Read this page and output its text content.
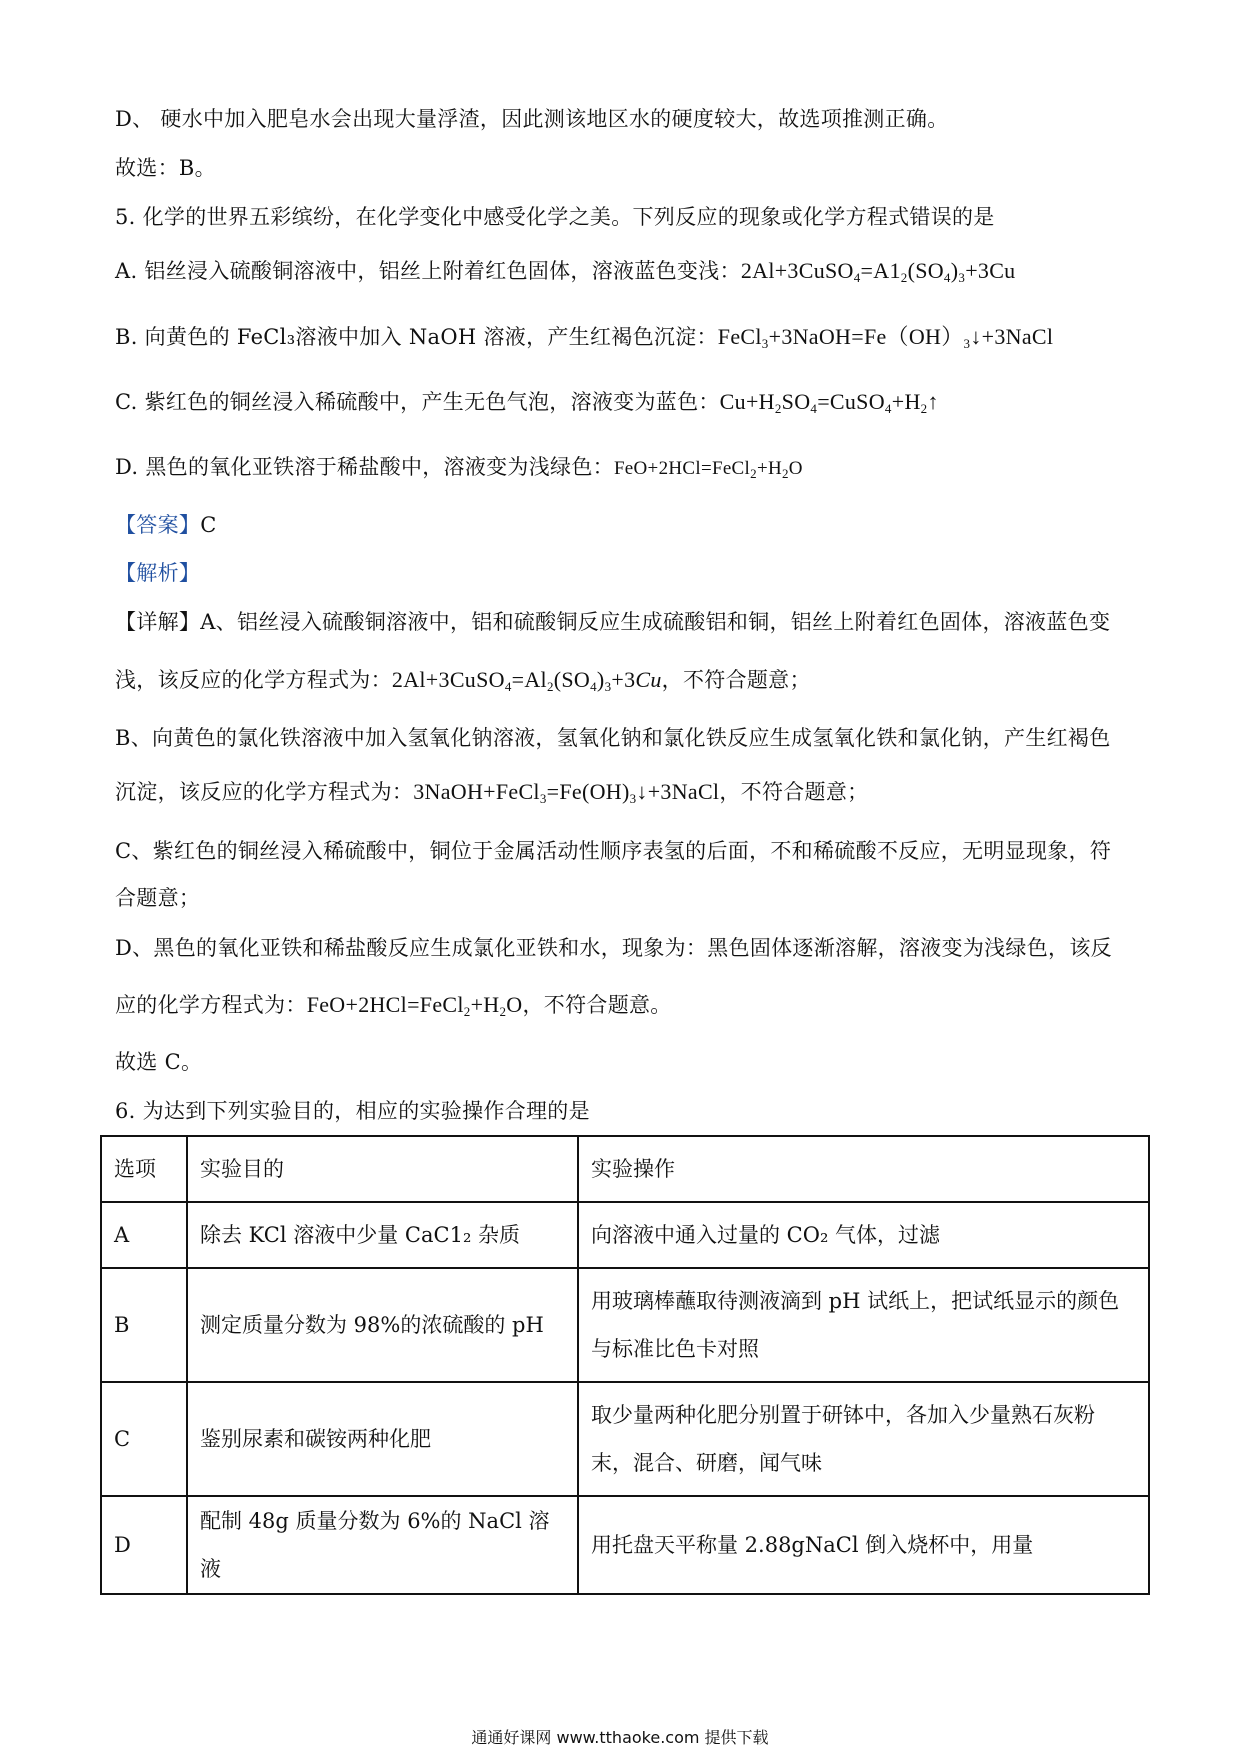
D、 硬水中加入肥皂水会出现大量浮渣，因此测该地区水的硬度较大，故选项推测正确。
故选：B。
5. 化学的世界五彩缤纷，在化学变化中感受化学之美。下列反应的现象或化学方程式错误的是
A. 铝丝浸入硫酸铜溶液中，铝丝上附着红色固体，溶液蓝色变浅：$2Al+3CuSO_4=A1_2(SO_4)_3+3Cu$
B. 向黄色的 FeCl₃溶液中加入 NaOH 溶液，产生红褐色沉淀：$FeCl_3+3NaOH=Fe(OH)_3↓+3NaCl$
C. 紫红色的铜丝浸入稀硫酸中，产生无色气泡，溶液变为蓝色：$Cu+H_2SO_4=CuSO_4+H_2↑$
D. 黑色的氧化亚铁溶于稀盐酸中，溶液变为浅绿色：$FeO+2HCl=FeCl_2+H_2O$
【答案】C
【解析】
【详解】A、铝丝浸入硫酸铜溶液中，铝和硫酸铜反应生成硫酸铝和铜，铝丝上附着红色固体，溶液蓝色变
浅，该反应的化学方程式为：$2Al+3CuSO_4=Al_2(SO_4)_3+3Cu$，不符合题意；
B、向黄色的氯化铁溶液中加入氢氧化钠溶液，氢氧化钠和氯化铁反应生成氢氧化铁和氯化钠，产生红褐色
沉淀，该反应的化学方程式为：$3NaOH+FeCl_3=Fe(OH)_3↓+3NaCl$，不符合题意；
C、紫红色的铜丝浸入稀硫酸中，铜位于金属活动性顺序表氢的后面，不和稀硫酸不反应，无明显现象，符
合题意；
D、黑色的氧化亚铁和稀盐酸反应生成氯化亚铁和水，现象为：黑色固体逐渐溶解，溶液变为浅绿色，该反
应的化学方程式为：$FeO+2HCl=FeCl_2+H_2O$，不符合题意。
故选 C。
6. 为达到下列实验目的，相应的实验操作合理的是
选项	实验目的	实验操作
A	除去 KCl 溶液中少量 CaC1₂ 杂质	向溶液中通入过量的 CO₂ 气体，过滤
B	测定质量分数为 98%的浓硫酸的 pH	用玻璃棒蘸取待测液滴到 pH 试纸上，把试纸显示的颜色与标准比色卡对照
C	鉴别尿素和碳铵两种化肥	取少量两种化肥分别置于研钵中，各加入少量熟石灰粉末，混合、研磨，闻气味
D	配制 48g 质量分数为 6%的 NaCl 溶液	用托盘天平称量 2.88gNaCl 倒入烧杯中，用量
通通好课网 www.tthaoke.com 提供下载
